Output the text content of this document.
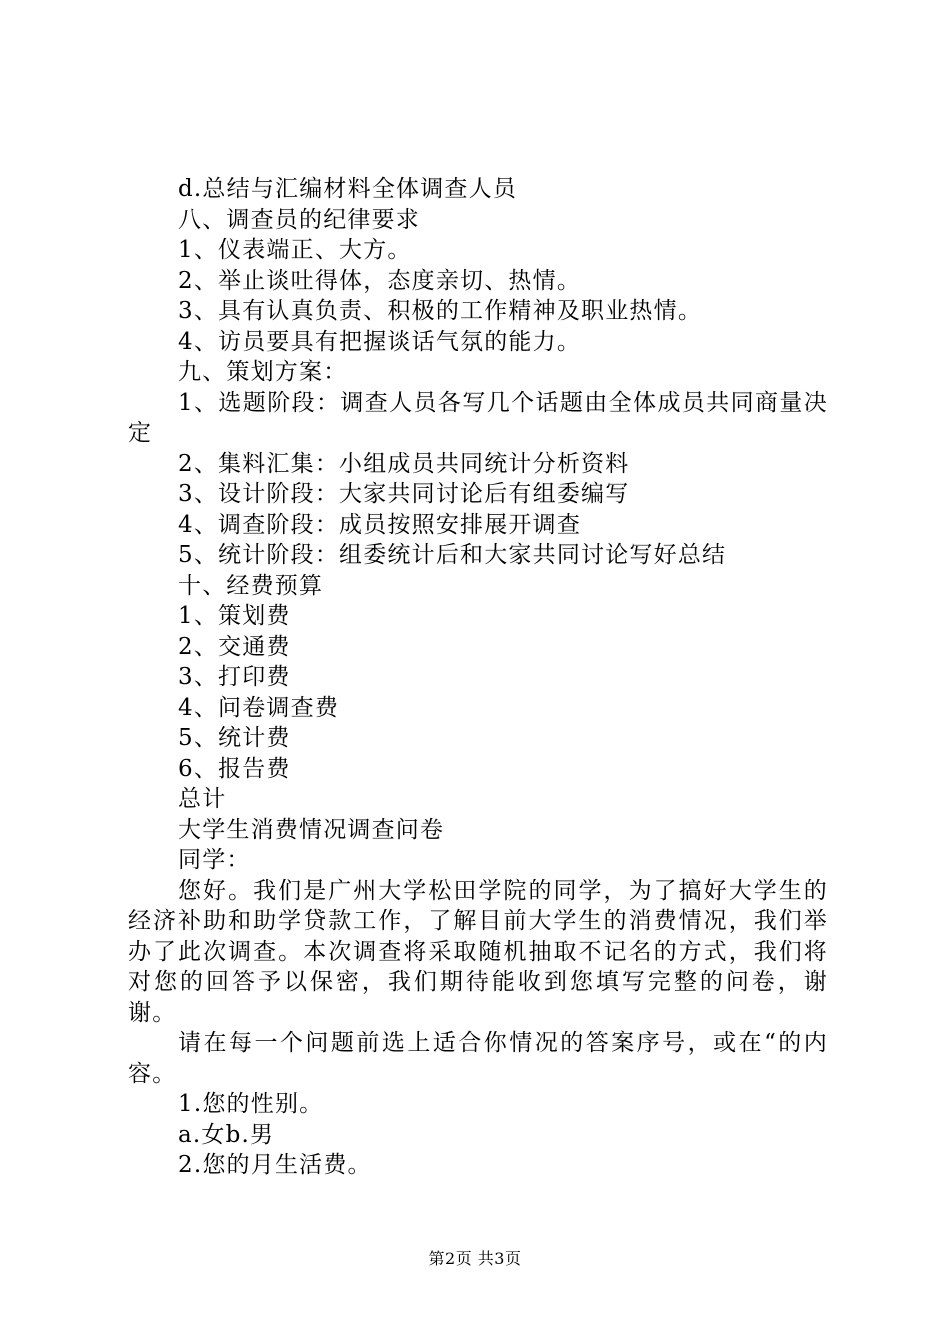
d.总结与汇编材料全体调查人员
八、调查员的纪律要求
1、仪表端正、大方。
2、举止谈吐得体，态度亲切、热情。
3、具有认真负责、积极的工作精神及职业热情。
4、访员要具有把握谈话气氛的能力。
九、策划方案：

1、选题阶段：调查人员各写几个话题由全体成员共同商量决定

2、集料汇集：小组成员共同统计分析资料
3、设计阶段：大家共同讨论后有组委编写
4、调查阶段：成员按照安排展开调查
5、统计阶段：组委统计后和大家共同讨论写好总结
十、经费预算
1、策划费
2、交通费
3、打印费
4、问卷调查费
5、统计费
6、报告费
总计
大学生消费情况调查问卷
同学：

您好。我们是广州大学松田学院的同学，为了搞好大学生的经济补助和助学贷款工作，了解目前大学生的消费情况，我们举办了此次调查。本次调查将采取随机抽取不记名的方式，我们将对您的回答予以保密，我们期待能收到您填写完整的问卷，谢谢。

请在每一个问题前选上适合你情况的答案序号，或在“的内容。

1.您的性别。
a.女b.男
2.您的月生活费。
第2页 共3页
